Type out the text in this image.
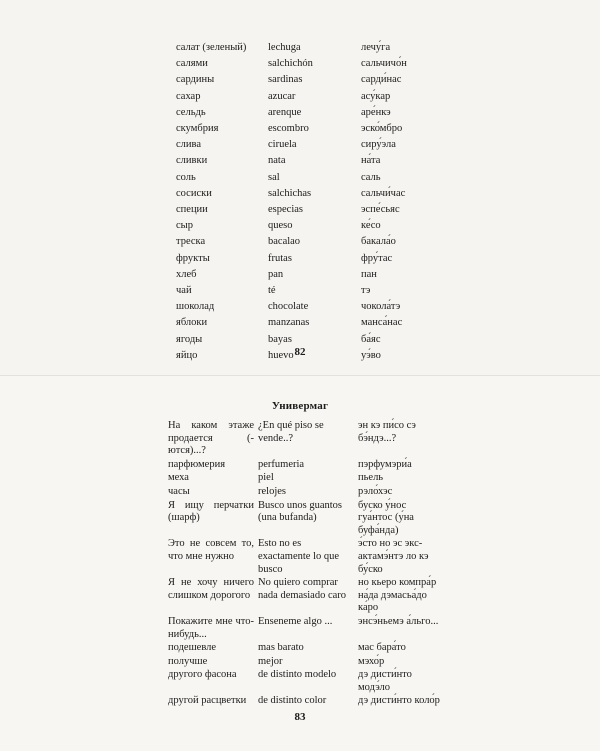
салат (зеленый)	lechuga	лечу́га
салями	salchichón	сальчичо́н
сардины	sardinas	сарди́нас
сахар	azucar	асу́кар
сельдь	arenque	аре́нкэ
скумбрия	escombro	эско́мбро
слива	ciruela	сиру́эла
сливки	nata	на́та
соль	sal	саль
сосиски	salchichas	сальчи́час
специи	especias	эспе́сьяс
сыр	queso	ке́со
треска	bacalao	бакала́о
фрукты	frutas	фру́тас
хлеб	pan	пан
чай	té	тэ
шоколад	chocolate	чокола́тэ
яблоки	manzanas	манса́нас
ягоды	bayas	ба́яс
яйцо	huevo	уэ́во
82
Универмаг
На каком этаже продается (-ются)...?	¿En qué piso se vende..?	эн кэ пи́со сэ бэ́ндэ...?
парфюмерия	perfumeria	пэрфумэри́а
меха	piel	пьель
часы	relojes	рэло́хэс
Я ищу перчатки (шарф)	Busco unos guantos (una bufanda)	буско у́нос гуа́нтос (у́на буфа́нда)
Это не совсем то, что мне нужно	Esto no es exactamente lo que busco	э́сто но эс экс-актамэ́нтэ ло кэ бу́ско
Я не хочу ничего слишком дорогого	No quiero comprar nada demasiado caro	но кьеро компра́р на́да дэмасьа́до ка́ро
Покажите мне что-нибудь...	Enseneme algo ...	энсэ́ньемэ а́льго...
подешевле	mas barato	мас бара́то
получше	mejor	мэхо́р
другого фасона	de distinto modelo	дэ дисти́нто модэ́ло
другой расцветки	de distinto color	дэ дисти́нто коло́р
83
